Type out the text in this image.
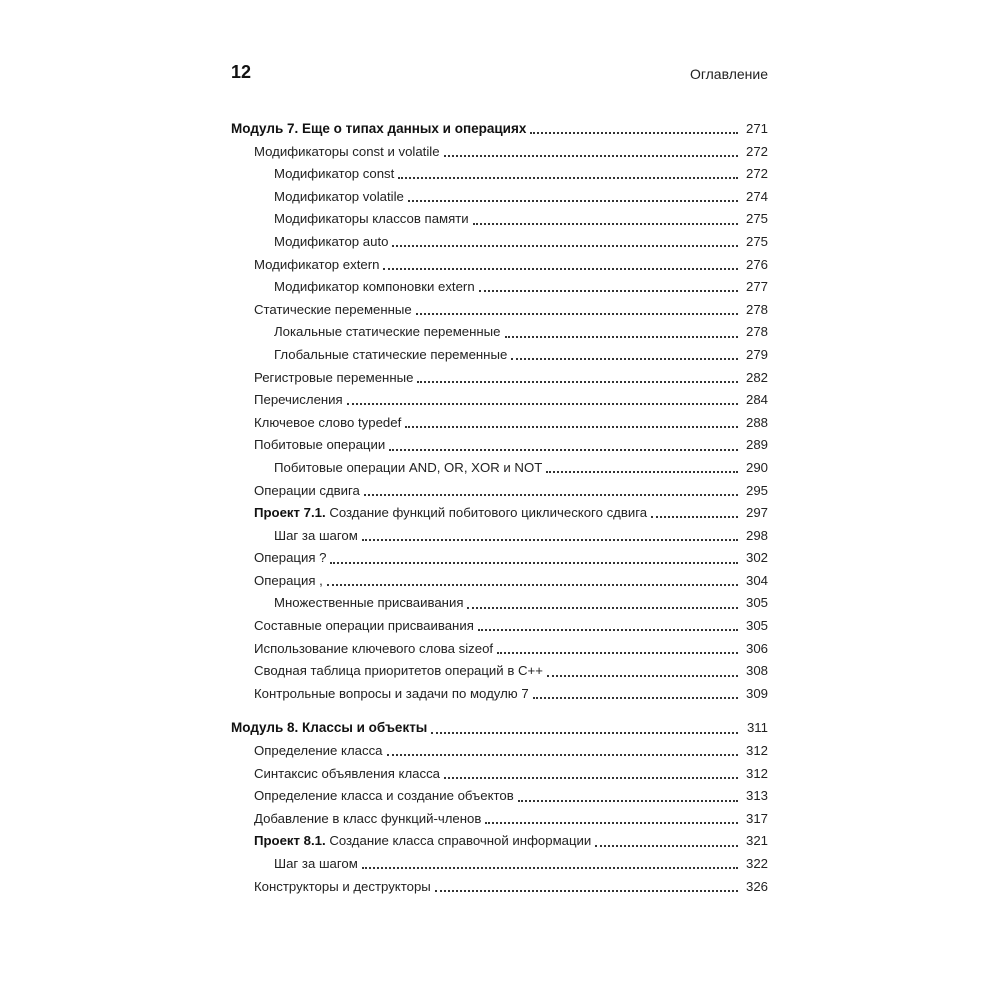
12	Оглавление
Модуль 7. Еще о типах данных и операциях	271
Модификаторы const и volatile	272
Модификатор const	272
Модификатор volatile	274
Модификаторы классов памяти	275
Модификатор auto	275
Модификатор extern	276
Модификатор компоновки extern	277
Статические переменные	278
Локальные статические переменные	278
Глобальные статические переменные	279
Регистровые переменные	282
Перечисления	284
Ключевое слово typedef	288
Побитовые операции	289
Побитовые операции AND, OR, XOR и NOT	290
Операции сдвига	295
Проект 7.1. Создание функций побитового циклического сдвига	297
Шаг за шагом	298
Операция ?	302
Операция ,	304
Множественные присваивания	305
Составные операции присваивания	305
Использование ключевого слова sizeof	306
Сводная таблица приоритетов операций в C++	308
Контрольные вопросы и задачи по модулю 7	309
Модуль 8. Классы и объекты	311
Определение класса	312
Синтаксис объявления класса	312
Определение класса и создание объектов	313
Добавление в класс функций-членов	317
Проект 8.1. Создание класса справочной информации	321
Шаг за шагом	322
Конструкторы и деструкторы	326
